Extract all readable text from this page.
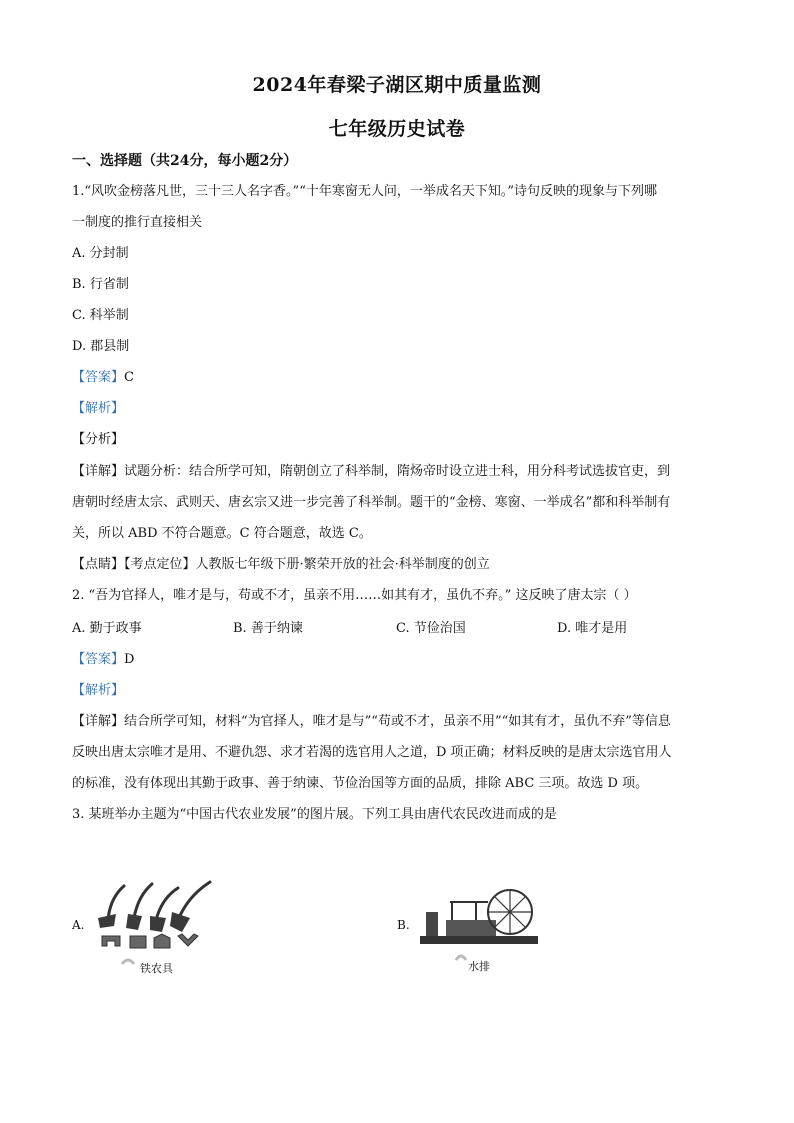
2024年春梁子湖区期中质量监测
七年级历史试卷
一、选择题（共24分，每小题2分）
1.“风吹金榜落凡世，三十三人名字香。”“十年寒窗无人问，一举成名天下知。”诗句反映的现象与下列哪
一制度的推行直接相关
A. 分封制
B. 行省制
C. 科举制
D. 郡县制
【答案】C
【解析】
【分析】
【详解】试题分析：结合所学可知，隋朝创立了科举制，隋炀帝时设立进士科，用分科考试选拔官吏，到
唐朝时经唐太宗、武则天、唐玄宗又进一步完善了科举制。题干的“金榜、寒窗、一举成名”都和科举制有
关，所以 ABD 不符合题意。C 符合题意，故选 C。
【点睛】【考点定位】人教版七年级下册·繁荣开放的社会·科举制度的创立
2. “吾为官择人，唯才是与，苟或不才，虽亲不用……如其有才，虽仇不弃。” 这反映了唐太宗（ ）
A. 勤于政事	B. 善于纳谏	C. 节俭治国	D. 唯才是用
【答案】D
【解析】
【详解】结合所学可知，材料“为官择人，唯才是与”“苟或不才，虽亲不用”“如其有才，虽仇不弃”等信息
反映出唐太宗唯才是用、不避仇怨、求才若渴的选官用人之道，D 项正确；材料反映的是唐太宗选官用人
的标准，没有体现出其勤于政事、善于纳谏、节俭治国等方面的品质，排除 ABC 三项。故选 D 项。
3. 某班举办主题为“中国古代农业发展”的图片展。下列工具由唐代农民改进而成的是
A.
铁农具
B.
水排
